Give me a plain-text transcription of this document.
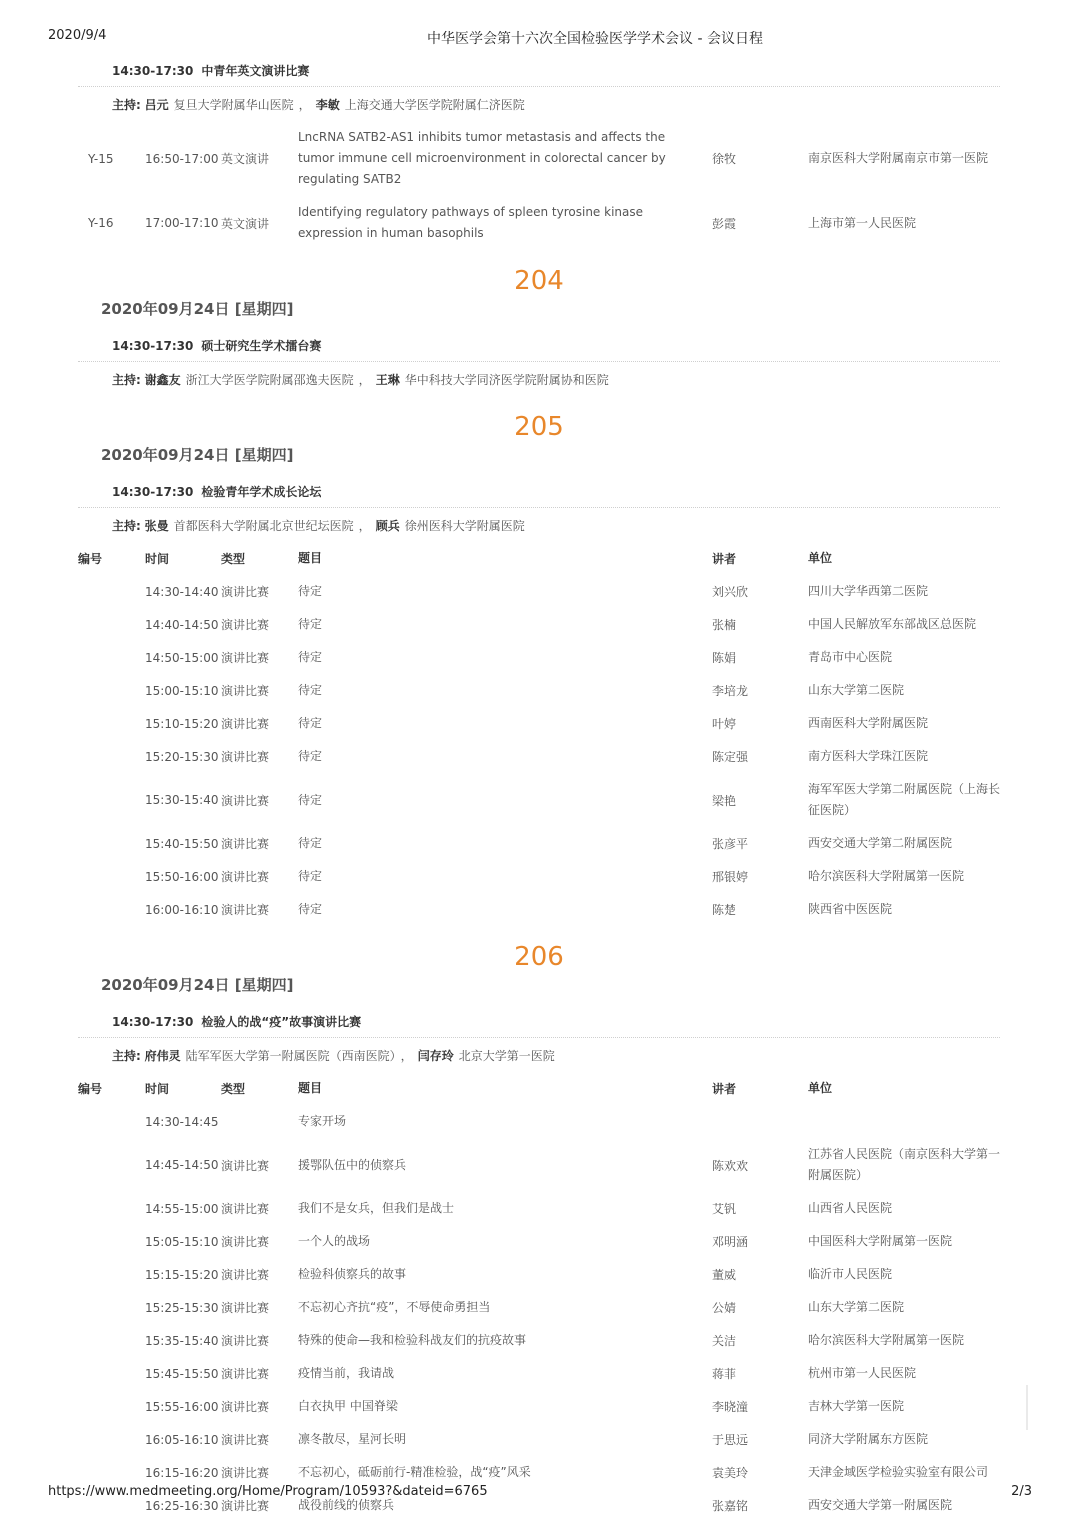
2020/9/4	中华医学会第十六次全国检验医学学术会议 - 会议日程
14:30-17:30 中青年英文演讲比赛
主持: 吕元 复旦大学附属华山医院 ， 李敏 上海交通大学医学院附属仁济医院
Y-15	16:50-17:00	英文演讲	LncRNA SATB2-AS1 inhibits tumor metastasis and affects the tumor immune cell microenvironment in colorectal cancer by regulating SATB2	徐牧	南京医科大学附属南京市第一医院
Y-16	17:00-17:10	英文演讲	Identifying regulatory pathways of spleen tyrosine kinase expression in human basophils	彭霞	上海市第一人民医院
204
2020年09月24日 [星期四]
14:30-17:30 硕士研究生学术擂台赛
主持: 谢鑫友 浙江大学医学院附属邵逸夫医院 ， 王琳 华中科技大学同济医学院附属协和医院
205
2020年09月24日 [星期四]
14:30-17:30 检验青年学术成长论坛
主持: 张曼 首都医科大学附属北京世纪坛医院 ， 顾兵 徐州医科大学附属医院
编号	时间	类型	题目	讲者	单位
	14:30-14:40	演讲比赛	待定	刘兴欣	四川大学华西第二医院
	14:40-14:50	演讲比赛	待定	张楠	中国人民解放军东部战区总医院
	14:50-15:00	演讲比赛	待定	陈娟	青岛市中心医院
	15:00-15:10	演讲比赛	待定	李培龙	山东大学第二医院
	15:10-15:20	演讲比赛	待定	叶婷	西南医科大学附属医院
	15:20-15:30	演讲比赛	待定	陈定强	南方医科大学珠江医院
	15:30-15:40	演讲比赛	待定	梁艳	海军军医大学第二附属医院（上海长征医院）
	15:40-15:50	演讲比赛	待定	张彦平	西安交通大学第二附属医院
	15:50-16:00	演讲比赛	待定	邢银婷	哈尔滨医科大学附属第一医院
	16:00-16:10	演讲比赛	待定	陈楚	陕西省中医医院
206
2020年09月24日 [星期四]
14:30-17:30 检验人的战“疫”故事演讲比赛
主持: 府伟灵 陆军军医大学第一附属医院（西南医院） ， 闫存玲 北京大学第一医院
编号	时间	类型	题目	讲者	单位
	14:30-14:45		专家开场		
	14:45-14:50	演讲比赛	援鄂队伍中的侦察兵	陈欢欢	江苏省人民医院（南京医科大学第一附属医院）
	14:55-15:00	演讲比赛	我们不是女兵，但我们是战士	艾钒	山西省人民医院
	15:05-15:10	演讲比赛	一个人的战场	邓明涵	中国医科大学附属第一医院
	15:15-15:20	演讲比赛	检验科侦察兵的故事	董威	临沂市人民医院
	15:25-15:30	演讲比赛	不忘初心齐抗“疫”，不辱使命勇担当	公婧	山东大学第二医院
	15:35-15:40	演讲比赛	特殊的使命—我和检验科战友们的抗疫故事	关洁	哈尔滨医科大学附属第一医院
	15:45-15:50	演讲比赛	疫情当前，我请战	蒋菲	杭州市第一人民医院
	15:55-16:00	演讲比赛	白衣执甲 中国脊梁	李晓潼	吉林大学第一医院
	16:05-16:10	演讲比赛	凛冬散尽，星河长明	于思远	同济大学附属东方医院
	16:15-16:20	演讲比赛	不忘初心，砥砺前行-精准检验，战“疫”风采	袁美玲	天津金域医学检验实验室有限公司
	16:25-16:30	演讲比赛	战役前线的侦察兵	张嘉铭	西安交通大学第一附属医院
https://www.medmeeting.org/Home/Program/10593?&dateid=6765	2/3
